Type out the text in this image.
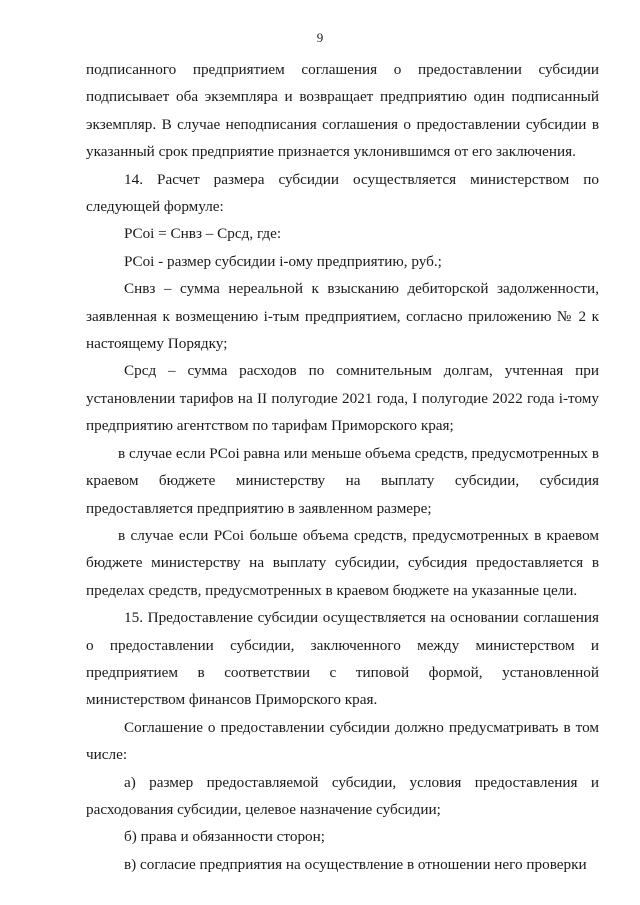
9

подписанного предприятием соглашения о предоставлении субсидии подписывает оба экземпляра и возвращает предприятию один подписанный экземпляр. В случае неподписания соглашения о предоставлении субсидии в указанный срок предприятие признается уклонившимся от его заключения.

14. Расчет размера субсидии осуществляется министерством по следующей формуле:

PCoi = Снвз – Срсд, где:

PCoi - размер субсидии i-ому предприятию, руб.;

Снвз – сумма нереальной к взысканию дебиторской задолженности, заявленная к возмещению i-тым предприятием, согласно приложению № 2 к настоящему Порядку;

Срсд – сумма расходов по сомнительным долгам, учтенная при установлении тарифов на II полугодие 2021 года, I полугодие 2022 года i-тому предприятию агентством по тарифам Приморского края;

в случае если PCoi равна или меньше объема средств, предусмотренных в краевом бюджете министерству на выплату субсидии, субсидия предоставляется предприятию в заявленном размере;

в случае если PCoi больше объема средств, предусмотренных в краевом бюджете министерству на выплату субсидии, субсидия предоставляется в пределах средств, предусмотренных в краевом бюджете на указанные цели.

15. Предоставление субсидии осуществляется на основании соглашения о предоставлении субсидии, заключенного между министерством и предприятием в соответствии с типовой формой, установленной министерством финансов Приморского края.

Соглашение о предоставлении субсидии должно предусматривать в том числе:

а) размер предоставляемой субсидии, условия предоставления и расходования субсидии, целевое назначение субсидии;

б) права и обязанности сторон;

в) согласие предприятия на осуществление в отношении него проверки
